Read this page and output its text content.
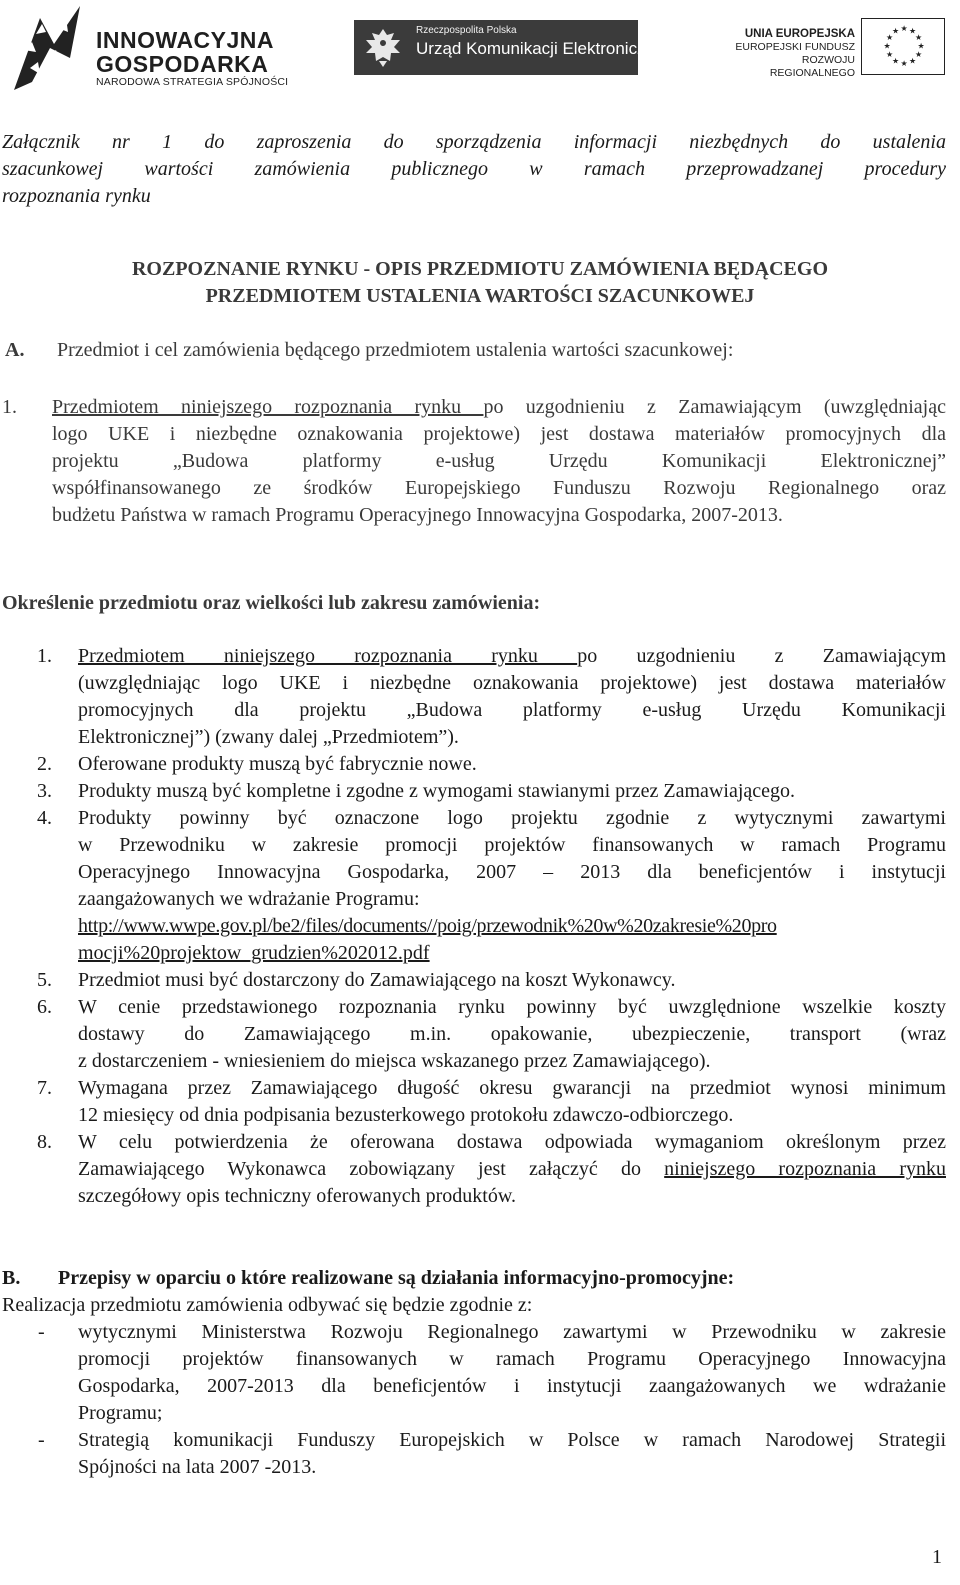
INNOWACYJNA
GOSPODARKA
NARODOWA STRATEGIA SPÓJNOŚCI
Rzeczpospolita Polska
Urząd Komunikacji Elektronicznej
UNIA EUROPEJSKA
EUROPEJSKI FUNDUSZ
ROZWOJU REGIONALNEGO
★ ★
★
★
★
★
★
★
★
★
★
★
Załącznik nr 1 do zaproszenia do sporządzenia informacji niezbędnych do ustalenia
szacunkowej wartości zamówienia publicznego w ramach przeprowadzanej procedury
rozpoznania rynku
ROZPOZNANIE RYNKU - OPIS PRZEDMIOTU ZAMÓWIENIA BĘDĄCEGO
PRZEDMIOTEM USTALENIA WARTOŚCI SZACUNKOWEJ
A. Przedmiot i cel zamówienia będącego przedmiotem ustalenia wartości szacunkowej:
1. Przedmiotem niniejszego rozpoznania rynku po uzgodnieniu z Zamawiającym (uwzględniając
logo UKE i niezbędne oznakowania projektowe) jest dostawa materiałów promocyjnych dla
projektu „Budowa platformy e-usług Urzędu Komunikacji Elektronicznej”
współfinansowanego ze środków Europejskiego Funduszu Rozwoju Regionalnego oraz
budżetu Państwa w ramach Programu Operacyjnego Innowacyjna Gospodarka, 2007-2013.
Określenie przedmiotu oraz wielkości lub zakresu zamówienia:
1. Przedmiotem niniejszego rozpoznania rynku po uzgodnieniu z Zamawiającym
(uwzględniając logo UKE i niezbędne oznakowania projektowe) jest dostawa materiałów
promocyjnych dla projektu „Budowa platformy e-usług Urzędu Komunikacji
Elektronicznej”) (zwany dalej „Przedmiotem”).
2. Oferowane produkty muszą być fabrycznie nowe.
3. Produkty muszą być kompletne i zgodne z wymogami stawianymi przez Zamawiającego.
4. Produkty powinny być oznaczone logo projektu zgodnie z wytycznymi zawartymi
w Przewodniku w zakresie promocji projektów finansowanych w ramach Programu
Operacyjnego Innowacyjna Gospodarka, 2007 – 2013 dla beneficjentów i instytucji
zaangażowanych we wdrażanie Programu:
http://www.wwpe.gov.pl/be2/files/documents//poig/przewodnik%20w%20zakresie%20pro
mocji%20projektow_grudzien%202012.pdf
5. Przedmiot musi być dostarczony do Zamawiającego na koszt Wykonawcy.
6. W cenie przedstawionego rozpoznania rynku powinny być uwzględnione wszelkie koszty
dostawy do Zamawiającego m.in. opakowanie, ubezpieczenie, transport (wraz
z dostarczeniem - wniesieniem do miejsca wskazanego przez Zamawiającego).
7. Wymagana przez Zamawiającego długość okresu gwarancji na przedmiot wynosi minimum
12 miesięcy od dnia podpisania bezusterkowego protokołu zdawczo-odbiorczego.
8. W celu potwierdzenia że oferowana dostawa odpowiada wymaganiom określonym przez
Zamawiającego Wykonawca zobowiązany jest załączyć do niniejszego rozpoznania rynku
szczegółowy opis techniczny oferowanych produktów.
B. Przepisy w oparciu o które realizowane są działania informacyjno-promocyjne:
Realizacja przedmiotu zamówienia odbywać się będzie zgodnie z:
- wytycznymi Ministerstwa Rozwoju Regionalnego zawartymi w Przewodniku w zakresie
promocji projektów finansowanych w ramach Programu Operacyjnego Innowacyjna
Gospodarka, 2007-2013 dla beneficjentów i instytucji zaangażowanych we wdrażanie
Programu;
- Strategią komunikacji Funduszy Europejskich w Polsce w ramach Narodowej Strategii
Spójności na lata 2007 -2013.
1
